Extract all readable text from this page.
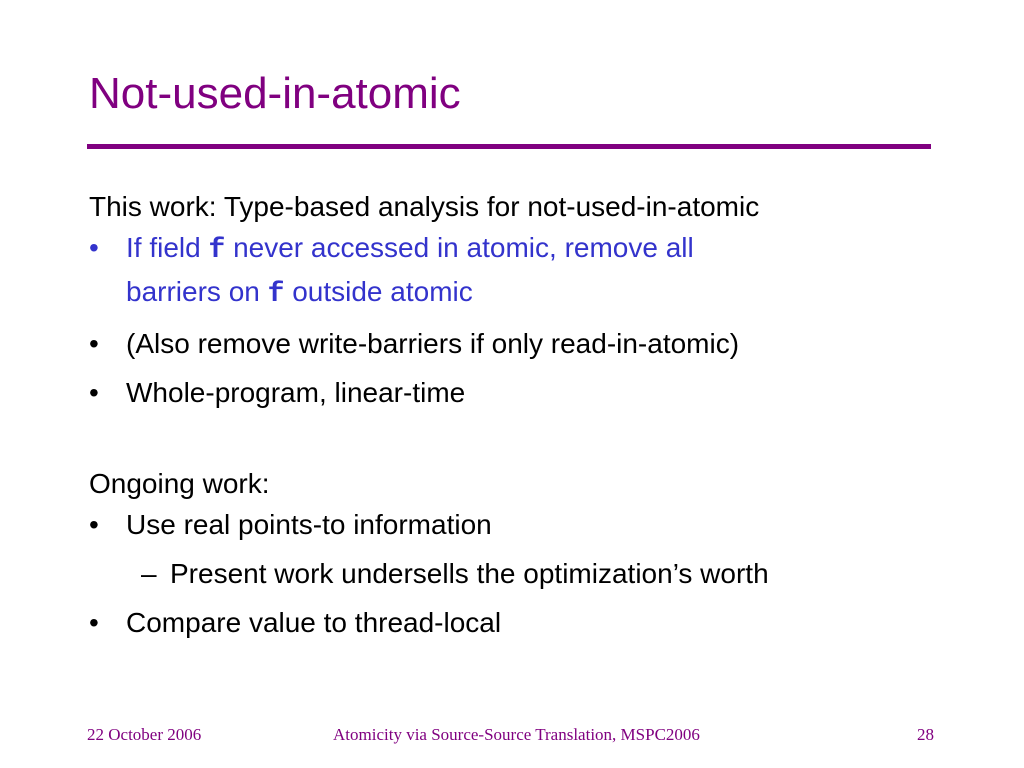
Not-used-in-atomic

This work: Type-based analysis for not-used-in-atomic

• If field f never accessed in atomic, remove all
barriers on f outside atomic
• (Also remove write-barriers if only read-in-atomic)
• Whole-program, linear-time

Ongoing work:

• Use real points-to information
– Present work undersells the optimization’s worth
• Compare value to thread-local
22 October 2006	Atomicity via Source-Source Translation, MSPC2006	28
